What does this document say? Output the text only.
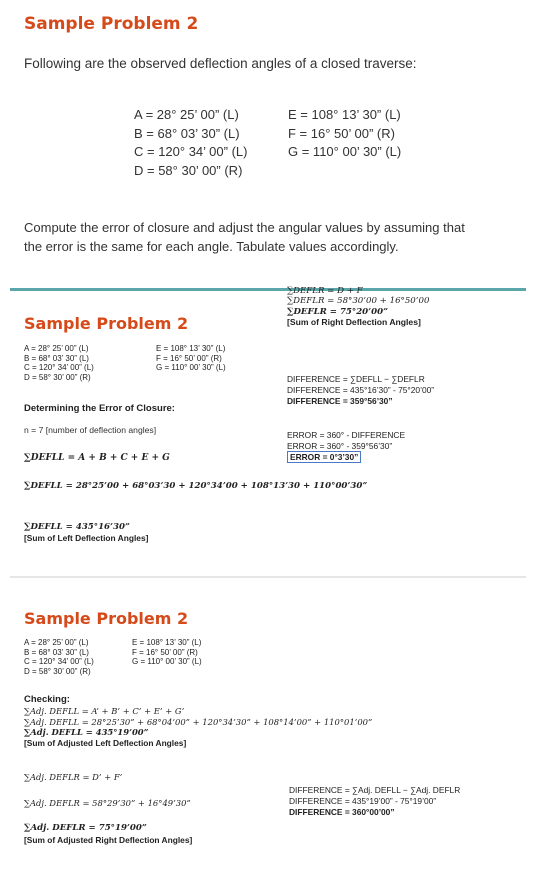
Sample Problem 2
Following are the observed deflection angles of a closed traverse:
A = 28° 25’ 00” (L)
B = 68° 03’ 30” (L)
C = 120° 34’ 00” (L)
D = 58° 30’ 00” (R)
E = 108° 13’ 30” (L)
F = 16° 50’ 00” (R)
G = 110° 00’ 30” (L)
Compute the error of closure and adjust the angular values by assuming that
the error is the same for each angle. Tabulate values accordingly.
Sample Problem 2
A = 28° 25’ 00” (L)
B = 68° 03’ 30” (L)
C = 120° 34’ 00” (L)
D = 58° 30’ 00” (R)
E = 108° 13’ 30” (L)
F = 16° 50’ 00” (R)
G = 110° 00’ 30” (L)
∑DEFLR = D + F
∑DEFLR = 58°30’00 + 16°50’00
∑DEFLR = 75°20’00”
[Sum of Right Deflection Angles]
Determining the Error of Closure:
n = 7 [number of deflection angles]
∑DEFLL = A + B + C + E + G
∑DEFLL = 28°25’00 + 68°03’30 + 120°34’00 + 108°13’30 + 110°00’30”
∑DEFLL = 435°16’30”
[Sum of Left Deflection Angles]
DIFFERENCE = ∑DEFLL − ∑DEFLR
DIFFERENCE = 435°16’30” - 75°20’00”
DIFFERENCE = 359°56’30”
ERROR = 360° - DIFFERENCE
ERROR = 360° - 359°56’30”
ERROR = 0°3’30”
Sample Problem 2
A = 28° 25’ 00” (L)
B = 68° 03’ 30” (L)
C = 120° 34’ 00” (L)
D = 58° 30’ 00” (R)
E = 108° 13’ 30” (L)
F = 16° 50’ 00” (R)
G = 110° 00’ 30” (L)
Checking:
∑Adj. DEFLL = A’ + B’ + C’ + E’ + G’
∑Adj. DEFLL = 28°25’30” + 68°04’00” + 120°34’30” + 108°14’00” + 110°01’00”
∑Adj. DEFLL = 435°19’00”
[Sum of Adjusted Left Deflection Angles]
∑Adj. DEFLR = D’ + F’
∑Adj. DEFLR = 58°29’30” + 16°49’30”
∑Adj. DEFLR = 75°19’00”
[Sum of Adjusted Right Deflection Angles]
DIFFERENCE = ∑Adj. DEFLL − ∑Adj. DEFLR
DIFFERENCE = 435°19’00” - 75°19’00”
DIFFERENCE = 360°00’00”
